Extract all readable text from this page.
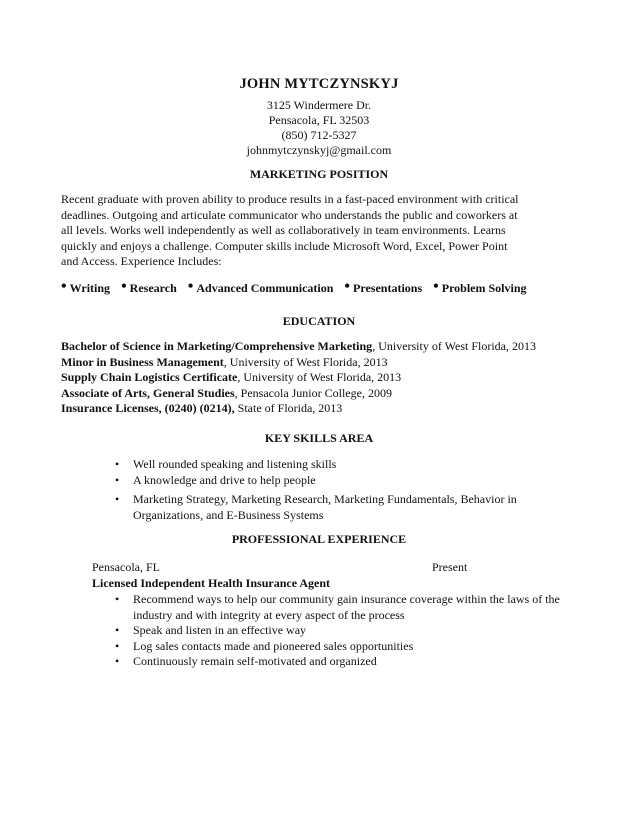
JOHN MYTCZYNSKYJ
3125 Windermere Dr.
Pensacola, FL 32503
(850) 712-5327
johnmytczynskyj@gmail.com
MARKETING POSITION
Recent graduate with proven ability to produce results in a fast-paced environment with critical
deadlines. Outgoing and articulate communicator who understands the public and coworkers at
all levels. Works well independently as well as collaboratively in team environments. Learns
quickly and enjoys a challenge. Computer skills include Microsoft Word, Excel, Power Point
and Access. Experience Includes:
• Writing • Research • Advanced Communication • Presentations • Problem Solving
EDUCATION
Bachelor of Science in Marketing/Comprehensive Marketing, University of West Florida, 2013
Minor in Business Management, University of West Florida, 2013
Supply Chain Logistics Certificate, University of West Florida, 2013
Associate of Arts, General Studies, Pensacola Junior College, 2009
Insurance Licenses, (0240) (0214), State of Florida, 2013
KEY SKILLS AREA
• Well rounded speaking and listening skills
• A knowledge and drive to help people
• Marketing Strategy, Marketing Research, Marketing Fundamentals, Behavior in
Organizations, and E-Business Systems
PROFESSIONAL EXPERIENCE
Pensacola, FL	Present
Licensed Independent Health Insurance Agent
• Recommend ways to help our community gain insurance coverage within the laws of the
industry and with integrity at every aspect of the process
• Speak and listen in an effective way
• Log sales contacts made and pioneered sales opportunities
• Continuously remain self-motivated and organized
